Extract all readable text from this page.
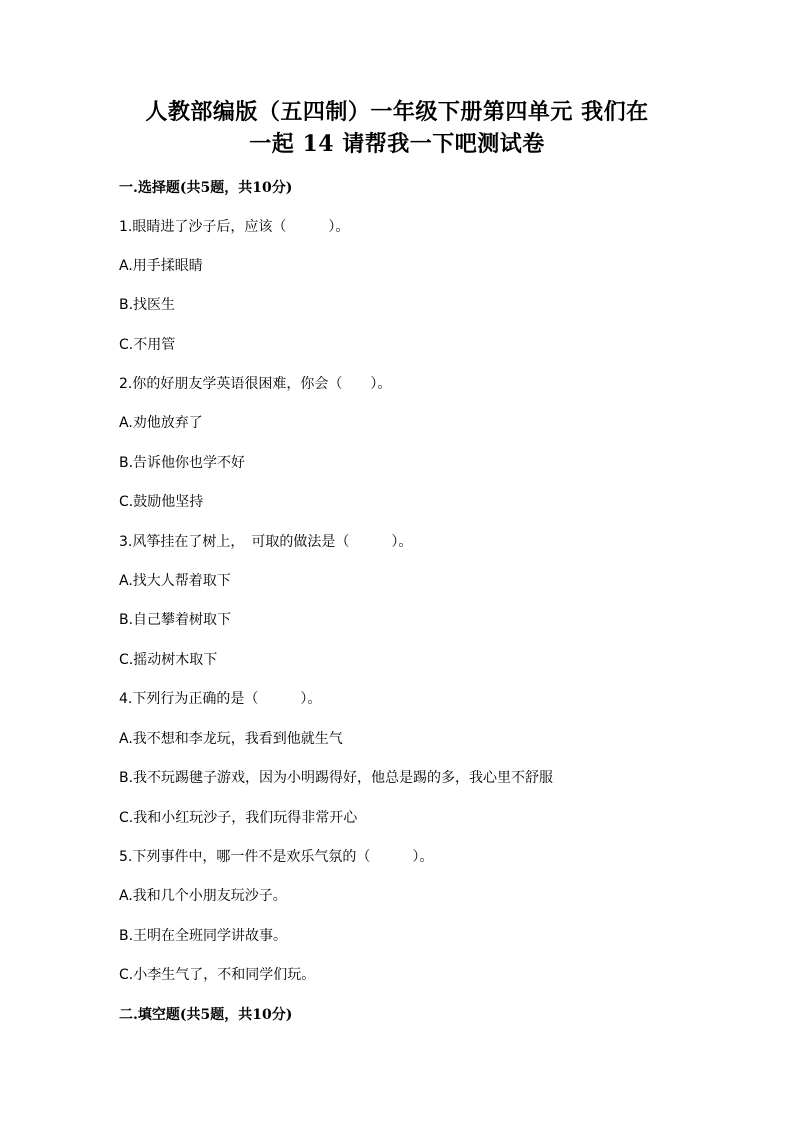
人教部编版（五四制）一年级下册第四单元 我们在
一起 14 请帮我一下吧测试卷
一.选择题(共5题，共10分)
1.眼睛进了沙子后，应该（　　　）。
A.用手揉眼睛
B.找医生
C.不用管
2.你的好朋友学英语很困难，你会（　　）。
A.劝他放弃了
B.告诉他你也学不好
C.鼓励他坚持
3.风筝挂在了树上，　可取的做法是（　　　）。
A.找大人帮着取下
B.自己攀着树取下
C.摇动树木取下
4.下列行为正确的是（　　　）。
A.我不想和李龙玩，我看到他就生气
B.我不玩踢毽子游戏，因为小明踢得好，他总是踢的多，我心里不舒服
C.我和小红玩沙子，我们玩得非常开心
5.下列事件中，哪一件不是欢乐气氛的（　　　）。
A.我和几个小朋友玩沙子。
B.王明在全班同学讲故事。
C.小李生气了，不和同学们玩。
二.填空题(共5题，共10分)
